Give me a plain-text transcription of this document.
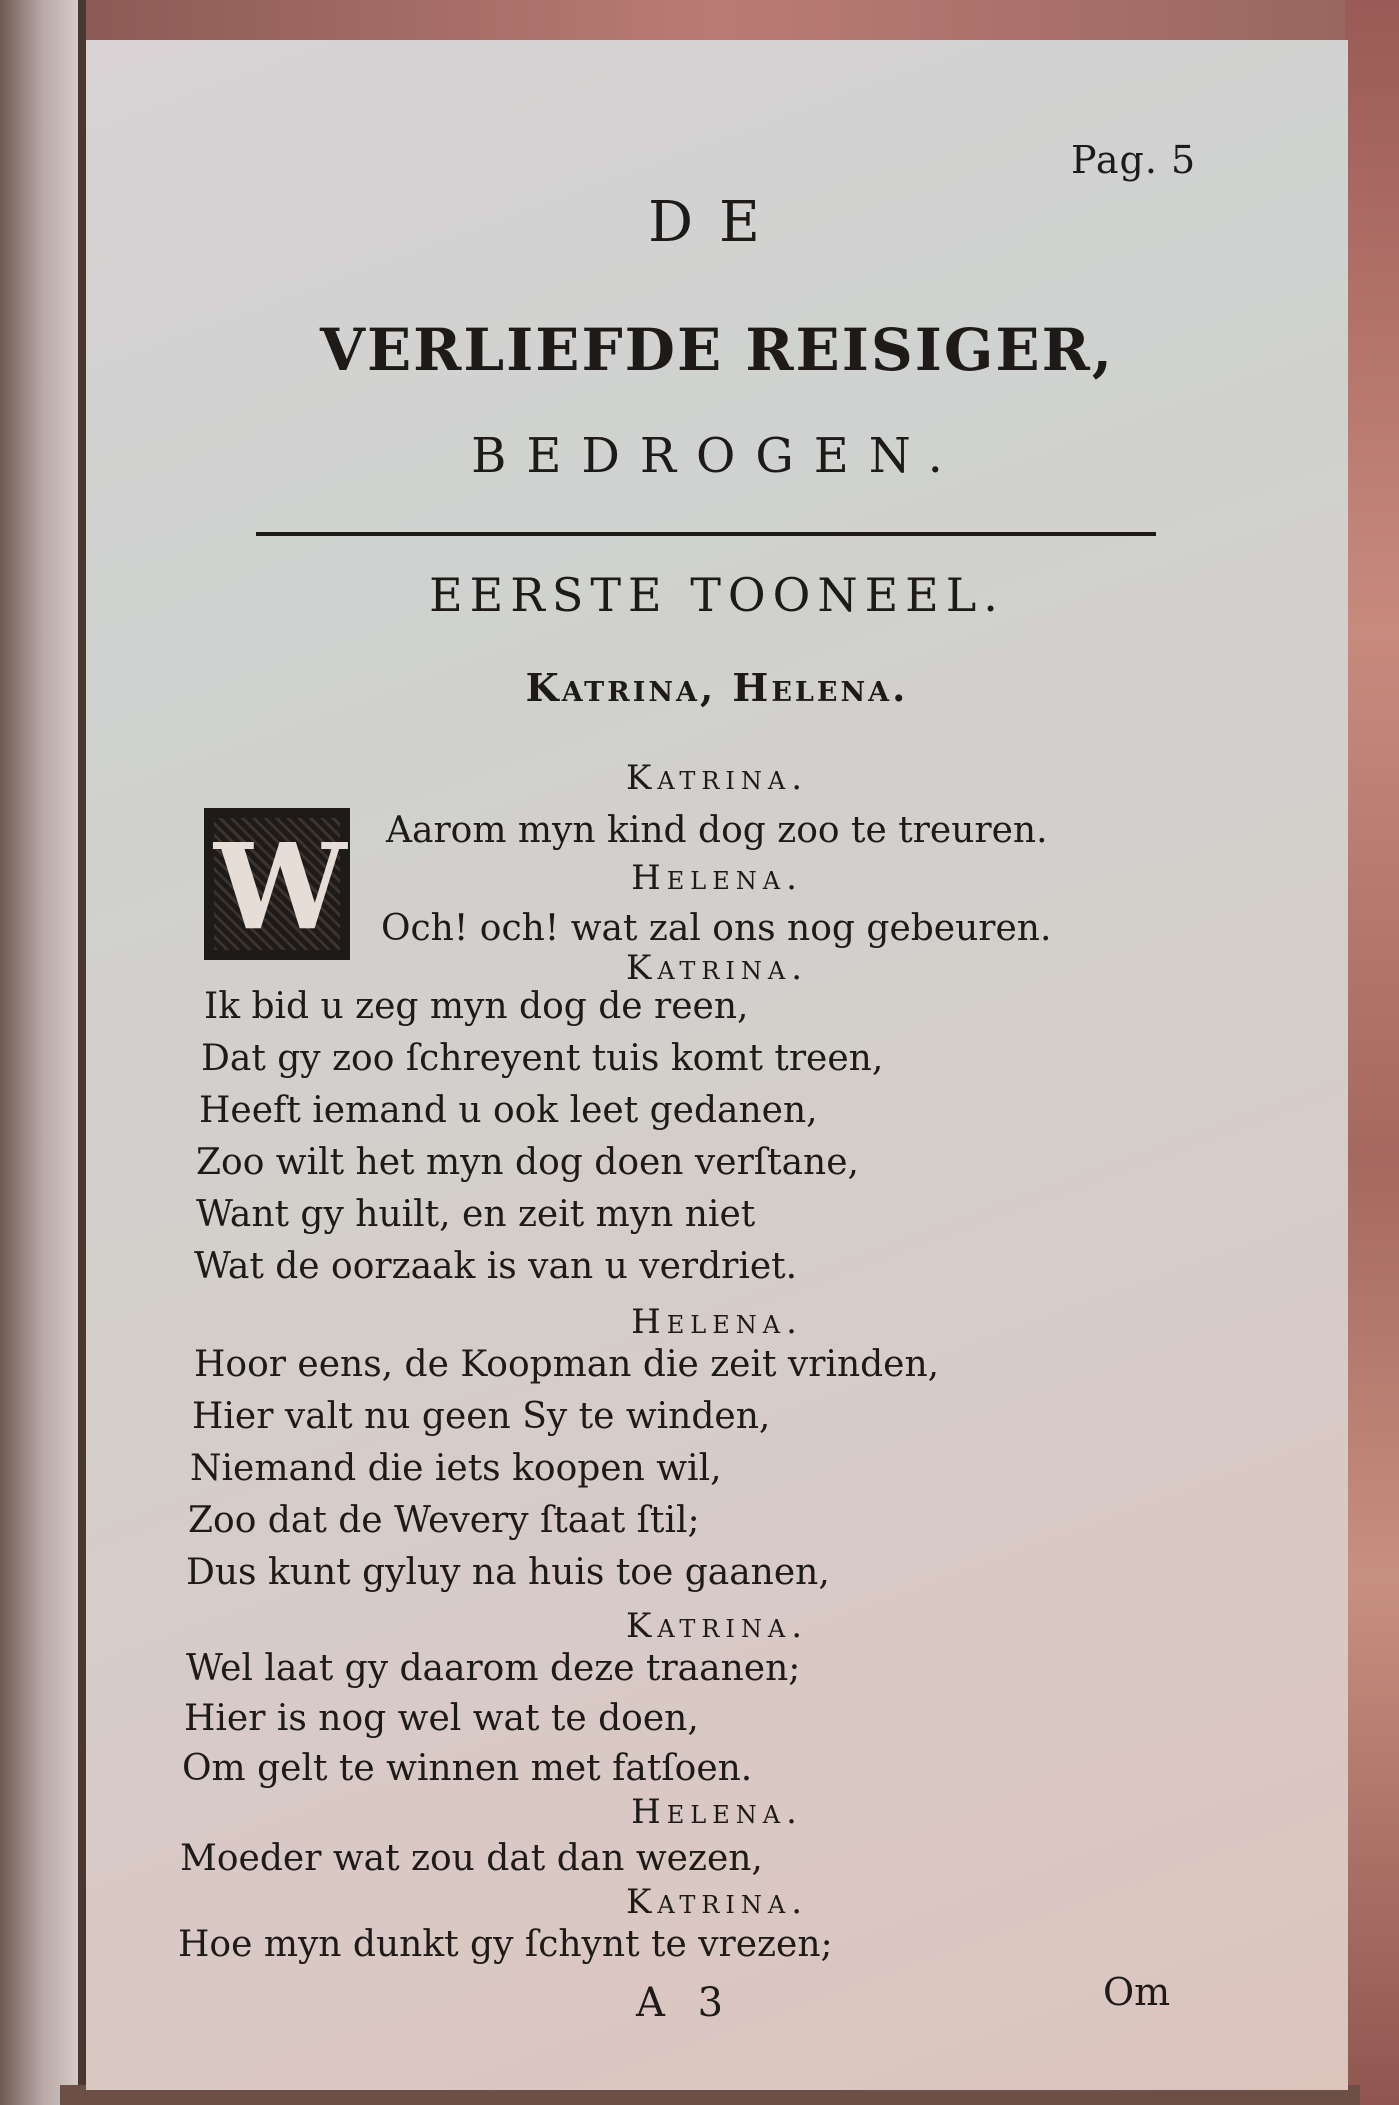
Pag. 5
DE
VERLIEFDE REISIGER,
BEDROGEN.
EERSTE TOONEEL.
Katrina, Helena.
Katrina.
W Aarom myn kind dog zoo te treuren.
Helena.
Och! och! wat zal ons nog gebeuren.
Katrina.
Ik bid u zeg myn dog de reen,
Dat gy zoo ſchreyent tuis komt treen,
Heeft iemand u ook leet gedanen,
Zoo wilt het myn dog doen verſtane,
Want gy huilt, en zeit myn niet
Wat de oorzaak is van u verdriet.
Helena.
Hoor eens, de Koopman die zeit vrinden,
Hier valt nu geen Sy te winden,
Niemand die iets koopen wil,
Zoo dat de Wevery ſtaat ſtil;
Dus kunt gyluy na huis toe gaanen,
Katrina.
Wel laat gy daarom deze traanen;
Hier is nog wel wat te doen,
Om gelt te winnen met fatſoen.
Helena.
Moeder wat zou dat dan wezen,
A 3	Om
Katrina.
Hoe myn dunkt gy ſchynt te vrezen;
